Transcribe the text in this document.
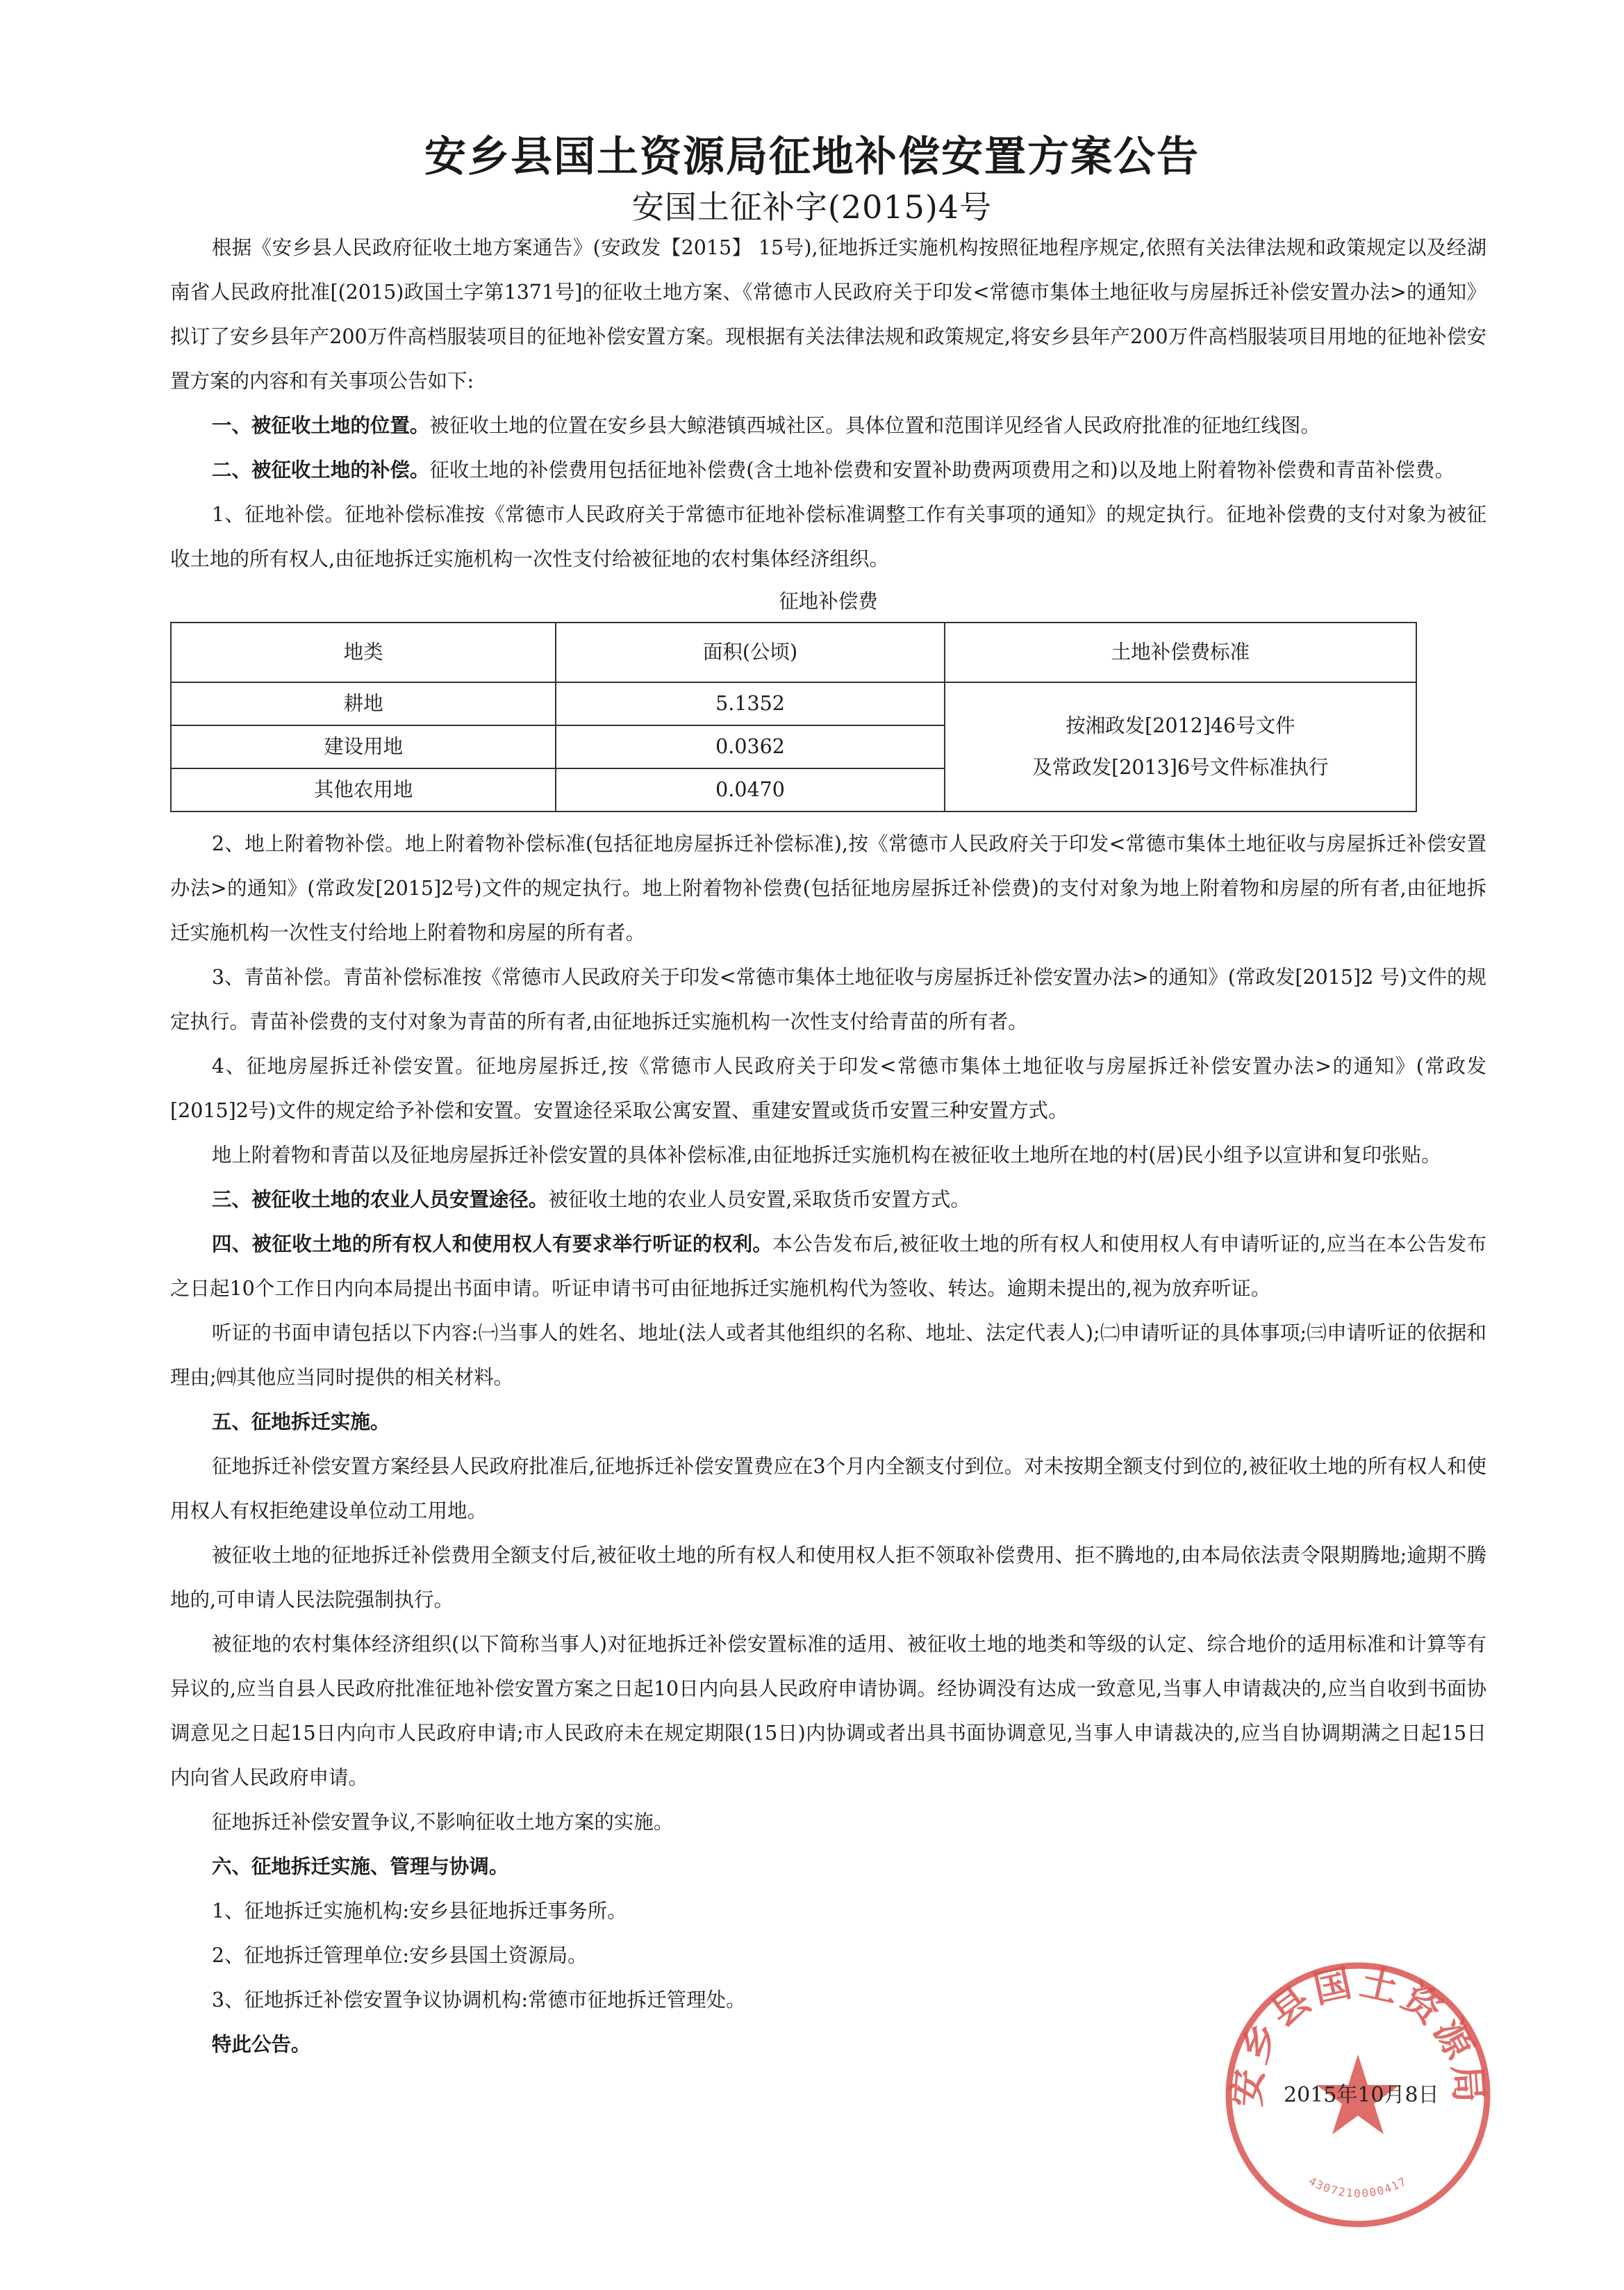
安乡县国土资源局征地补偿安置方案公告
安国土征补字(2015)4号

根据《安乡县人民政府征收土地方案通告》(安政发【2015】 15号),征地拆迁实施机构按照征地程序规定,依照有关法律法规和政策规定以及经湖南省人民政府批准[(2015)政国土字第1371号]的征收土地方案、《常德市人民政府关于印发<常德市集体土地征收与房屋拆迁补偿安置办法>的通知》拟订了安乡县年产200万件高档服装项目的征地补偿安置方案。现根据有关法律法规和政策规定,将安乡县年产200万件高档服装项目用地的征地补偿安置方案的内容和有关事项公告如下:

一、被征收土地的位置。被征收土地的位置在安乡县大鲸港镇西城社区。具体位置和范围详见经省人民政府批准的征地红线图。

二、被征收土地的补偿。征收土地的补偿费用包括征地补偿费(含土地补偿费和安置补助费两项费用之和)以及地上附着物补偿费和青苗补偿费。

1、征地补偿。征地补偿标准按《常德市人民政府关于常德市征地补偿标准调整工作有关事项的通知》的规定执行。征地补偿费的支付对象为被征收土地的所有权人,由征地拆迁实施机构一次性支付给被征地的农村集体经济组织。

征地补偿费

地类	面积(公顷)	土地补偿费标准
耕地	5.1352	按湘政发[2012]46号文件
及常政发[2013]6号文件标准执行

建设用地	0.0362	
其他农用地	0.0470	

2、地上附着物补偿。地上附着物补偿标准(包括征地房屋拆迁补偿标准),按《常德市人民政府关于印发<常德市集体土地征收与房屋拆迁补偿安置办法>的通知》(常政发[2015]2号)文件的规定执行。地上附着物补偿费(包括征地房屋拆迁补偿费)的支付对象为地上附着物和房屋的所有者,由征地拆迁实施机构一次性支付给地上附着物和房屋的所有者。

3、青苗补偿。青苗补偿标准按《常德市人民政府关于印发<常德市集体土地征收与房屋拆迁补偿安置办法>的通知》(常政发[2015]2 号)文件的规定执行。青苗补偿费的支付对象为青苗的所有者,由征地拆迁实施机构一次性支付给青苗的所有者。

4、征地房屋拆迁补偿安置。征地房屋拆迁,按《常德市人民政府关于印发<常德市集体土地征收与房屋拆迁补偿安置办法>的通知》(常政发[2015]2号)文件的规定给予补偿和安置。安置途径采取公寓安置、重建安置或货币安置三种安置方式。

地上附着物和青苗以及征地房屋拆迁补偿安置的具体补偿标准,由征地拆迁实施机构在被征收土地所在地的村(居)民小组予以宣讲和复印张贴。

三、被征收土地的农业人员安置途径。被征收土地的农业人员安置,采取货币安置方式。

四、被征收土地的所有权人和使用权人有要求举行听证的权利。本公告发布后,被征收土地的所有权人和使用权人有申请听证的,应当在本公告发布之日起10个工作日内向本局提出书面申请。听证申请书可由征地拆迁实施机构代为签收、转达。逾期未提出的,视为放弃听证。

听证的书面申请包括以下内容:㈠当事人的姓名、地址(法人或者其他组织的名称、地址、法定代表人);㈡申请听证的具体事项;㈢申请听证的依据和理由;㈣其他应当同时提供的相关材料。

五、征地拆迁实施。

征地拆迁补偿安置方案经县人民政府批准后,征地拆迁补偿安置费应在3个月内全额支付到位。对未按期全额支付到位的,被征收土地的所有权人和使用权人有权拒绝建设单位动工用地。

被征收土地的征地拆迁补偿费用全额支付后,被征收土地的所有权人和使用权人拒不领取补偿费用、拒不腾地的,由本局依法责令限期腾地;逾期不腾地的,可申请人民法院强制执行。

被征地的农村集体经济组织(以下简称当事人)对征地拆迁补偿安置标准的适用、被征收土地的地类和等级的认定、综合地价的适用标准和计算等有异议的,应当自县人民政府批准征地补偿安置方案之日起10日内向县人民政府申请协调。经协调没有达成一致意见,当事人申请裁决的,应当自收到书面协调意见之日起15日内向市人民政府申请;市人民政府未在规定期限(15日)内协调或者出具书面协调意见,当事人申请裁决的,应当自协调期满之日起15日内向省人民政府申请。

征地拆迁补偿安置争议,不影响征收土地方案的实施。

六、征地拆迁实施、管理与协调。

1、征地拆迁实施机构:安乡县征地拆迁事务所。

2、征地拆迁管理单位:安乡县国土资源局。

3、征地拆迁补偿安置争议协调机构:常德市征地拆迁管理处。

特此公告。

安乡县国土资源局
4307210000417
2015年10月8日
